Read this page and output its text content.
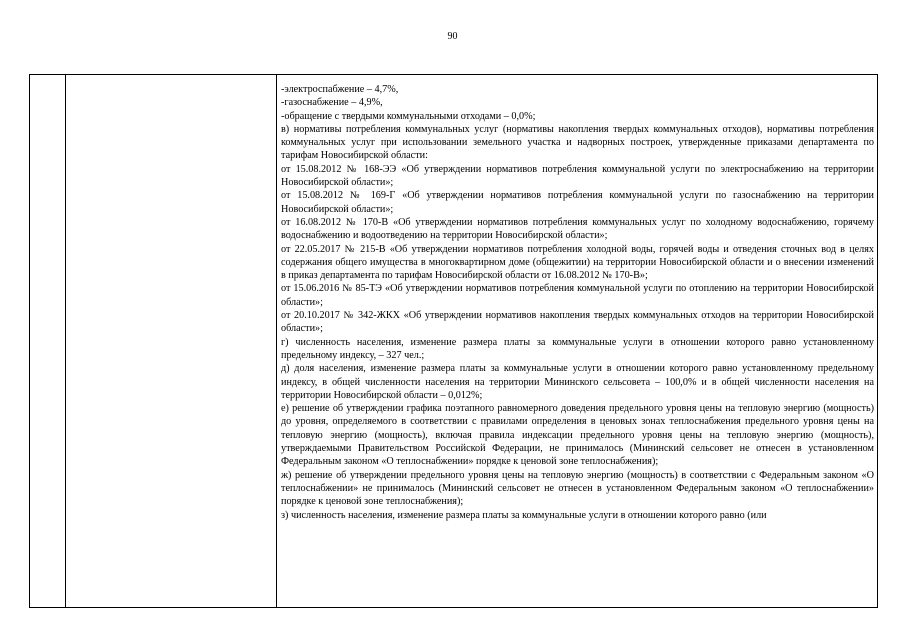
90

-электроспабжение – 4,7%,

-газоснабжение – 4,9%,

-обращение с твердыми коммунальными отходами – 0,0%;

в) нормативы потребления коммунальных услуг (нормативы накопления твердых коммунальных отходов), нормативы потребления коммунальных услуг при использовании земельного участка и надворных построек, утвержденные приказами департамента по тарифам Новосибирской области:

от 15.08.2012 № 168-ЭЭ «Об утверждении нормативов потребления коммунальной услуги по электроснабжению на территории Новосибирской области»;

от 15.08.2012 № 169-Г «Об утверждении нормативов потребления коммунальной услуги по газоснабжению на территории Новосибирской области»;

от 16.08.2012 № 170-В «Об утверждении нормативов потребления коммунальных услуг по холодному водоснабжению, горячему водоснабжению и водоотведению на территории Новосибирской области»;

от 22.05.2017 № 215-В «Об утверждении нормативов потребления холодной воды, горячей воды и отведения сточных вод в целях содержания общего имущества в многоквартирном доме (общежитии) на территории Новосибирской области и о внесении изменений в приказ департамента по тарифам Новосибирской области от 16.08.2012 № 170-В»;

от 15.06.2016 № 85-ТЭ «Об утверждении нормативов потребления коммунальной услуги по отоплению на территории Новосибирской области»;

от 20.10.2017 № 342-ЖКХ «Об утверждении нормативов накопления твердых коммунальных отходов на территории Новосибирской области»;

г) численность населения, изменение размера платы за коммунальные услуги в отношении которого равно установленному предельному индексу, – 327 чел.;

д) доля населения, изменение размера платы за коммунальные услуги в отношении которого равно установленному предельному индексу, в общей численности населения на территории Мининского сельсовета – 100,0% и в общей численности населения на территории Новосибирской области – 0,012%;

е) решение об утверждении графика поэтапного равномерного доведения предельного уровня цены на тепловую энергию (мощность) до уровня, определяемого в соответствии с правилами определения в ценовых зонах теплоснабжения предельного уровня цены на тепловую энергию (мощность), включая правила индексации предельного уровня цены на тепловую энергию (мощность), утверждаемыми Правительством Российской Федерации, не принималось (Мининский сельсовет не отнесен в установленном Федеральным законом «О теплоснабжении» порядке к ценовой зоне теплоснабжения);

ж) решение об утверждении предельного уровня цены на тепловую энергию (мощность) в соответствии с Федеральным законом «О теплоснабжении» не принималось (Мининский сельсовет не отнесен в установленном Федеральным законом «О теплоснабжении» порядке к ценовой зоне теплоснабжения);

з) численность населения, изменение размера платы за коммунальные услуги в отношении которого равно (или
